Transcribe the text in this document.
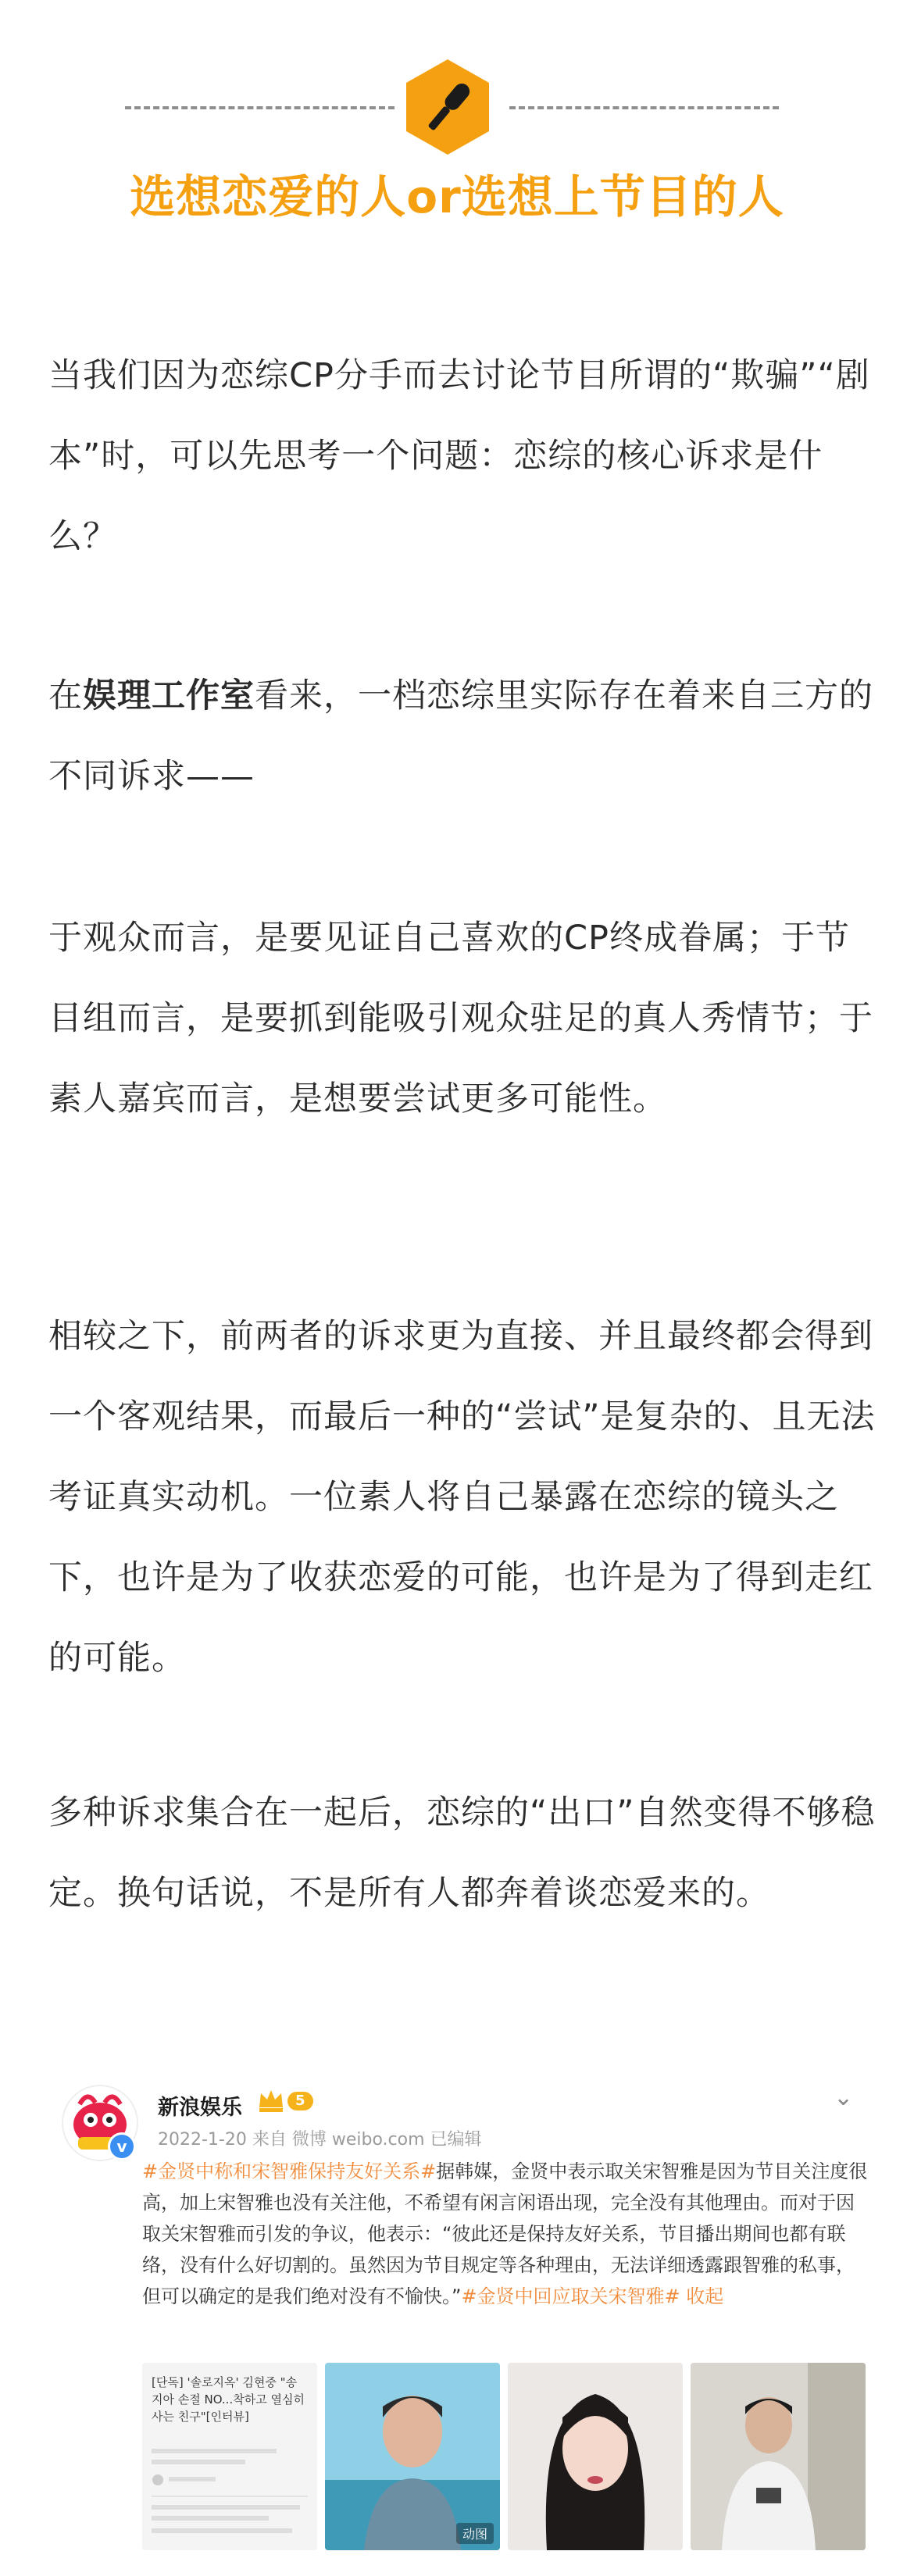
选想恋爱的人or选想上节目的人

当我们因为恋综CP分手而去讨论节目所谓的“欺骗”“剧本”时，可以先思考一个问题：恋综的核心诉求是什么？

在娱理工作室看来，一档恋综里实际存在着来自三方的不同诉求——

于观众而言，是要见证自己喜欢的CP终成眷属；于节目组而言，是要抓到能吸引观众驻足的真人秀情节；于素人嘉宾而言，是想要尝试更多可能性。

相较之下，前两者的诉求更为直接、并且最终都会得到一个客观结果，而最后一种的“尝试”是复杂的、且无法考证真实动机。一位素人将自己暴露在恋综的镜头之下，也许是为了收获恋爱的可能，也许是为了得到走红的可能。

多种诉求集合在一起后，恋综的“出口”自然变得不够稳定。换句话说，不是所有人都奔着谈恋爱来的。

v
新浪娱乐	5	⌄
2022-1-20 来自 微博 weibo.com 已编辑

#金贤中称和宋智雅保持友好关系#据韩媒，金贤中表示取关宋智雅是因为节目关注度很高，加上宋智雅也没有关注他，不希望有闲言闲语出现，完全没有其他理由。而对于因取关宋智雅而引发的争议，他表示：“彼此还是保持友好关系，节目播出期间也都有联络，没有什么好切割的。虽然因为节目规定等各种理由，无法详细透露跟智雅的私事，但可以确定的是我们绝对没有不愉快。”#金贤中回应取关宋智雅# 收起

[단독] '솔로지옥' 김현중 "송지아 손절 NO...착하고 열심히 사는 친구"[인터뷰]
动图
